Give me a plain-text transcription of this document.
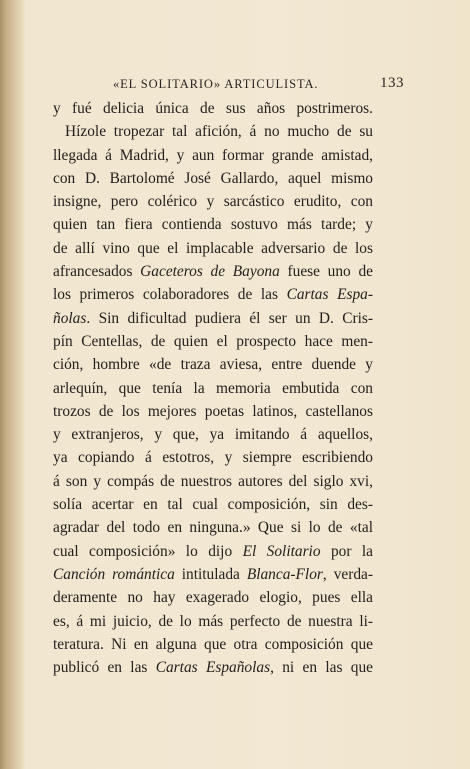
«EL SOLITARIO» ARTICULISTA.	133
y fué delicia única de sus años postrimeros.
Hízole tropezar tal afición, á no mucho de su
llegada á Madrid, y aun formar grande amistad,
con D. Bartolomé José Gallardo, aquel mismo
insigne, pero colérico y sarcástico erudito, con
quien tan fiera contienda sostuvo más tarde; y
de allí vino que el implacable adversario de los
afrancesados Gaceteros de Bayona fuese uno de
los primeros colaboradores de las Cartas Espa-
ñolas. Sin dificultad pudiera él ser un D. Cris-
pín Centellas, de quien el prospecto hace men-
ción, hombre «de traza aviesa, entre duende y
arlequín, que tenía la memoria embutida con
trozos de los mejores poetas latinos, castellanos
y extranjeros, y que, ya imitando á aquellos,
ya copiando á estotros, y siempre escribiendo
á son y compás de nuestros autores del siglo xvi,
solía acertar en tal cual composición, sin des-
agradar del todo en ninguna.» Que si lo de «tal
cual composición» lo dijo El Solitario por la
Canción romántica intitulada Blanca-Flor, verda-
deramente no hay exagerado elogio, pues ella
es, á mi juicio, de lo más perfecto de nuestra li-
teratura. Ni en alguna que otra composición que
publicó en las Cartas Españolas, ni en las que
